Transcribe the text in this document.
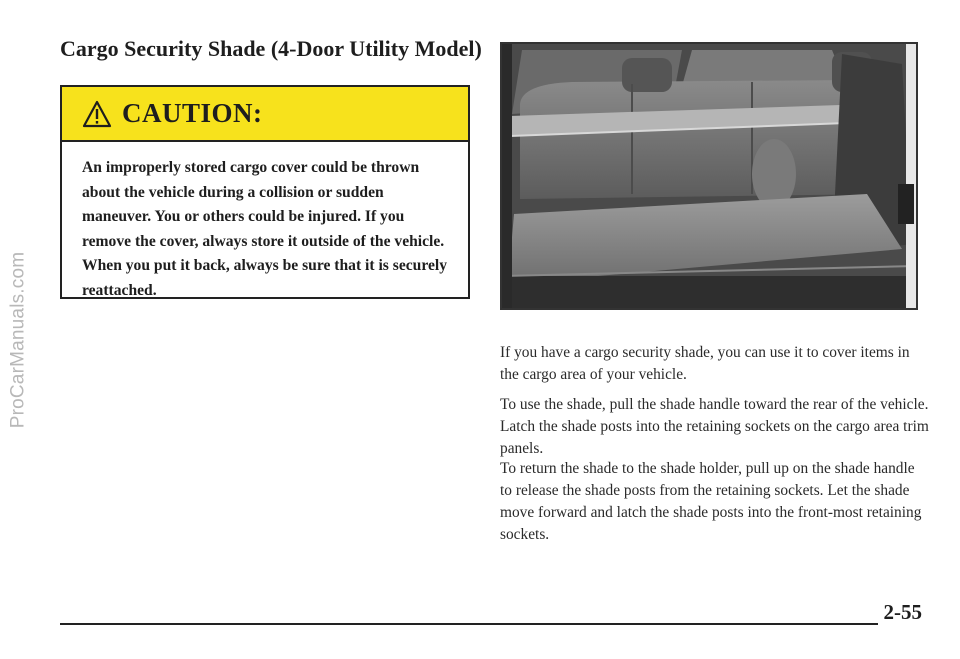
ProCarManuals.com
Cargo Security Shade (4-Door Utility Model)
CAUTION:

An improperly stored cargo cover could be thrown about the vehicle during a collision or sudden maneuver. You or others could be injured. If you remove the cover, always store it outside of the vehicle. When you put it back, always be sure that it is securely reattached.

If you have a cargo security shade, you can use it to cover items in the cargo area of your vehicle.

To use the shade, pull the shade handle toward the rear of the vehicle. Latch the shade posts into the retaining sockets on the cargo area trim panels.

To return the shade to the shade holder, pull up on the shade handle to release the shade posts from the retaining sockets. Let the shade move forward and latch the shade posts into the front-most retaining sockets.

2-55
